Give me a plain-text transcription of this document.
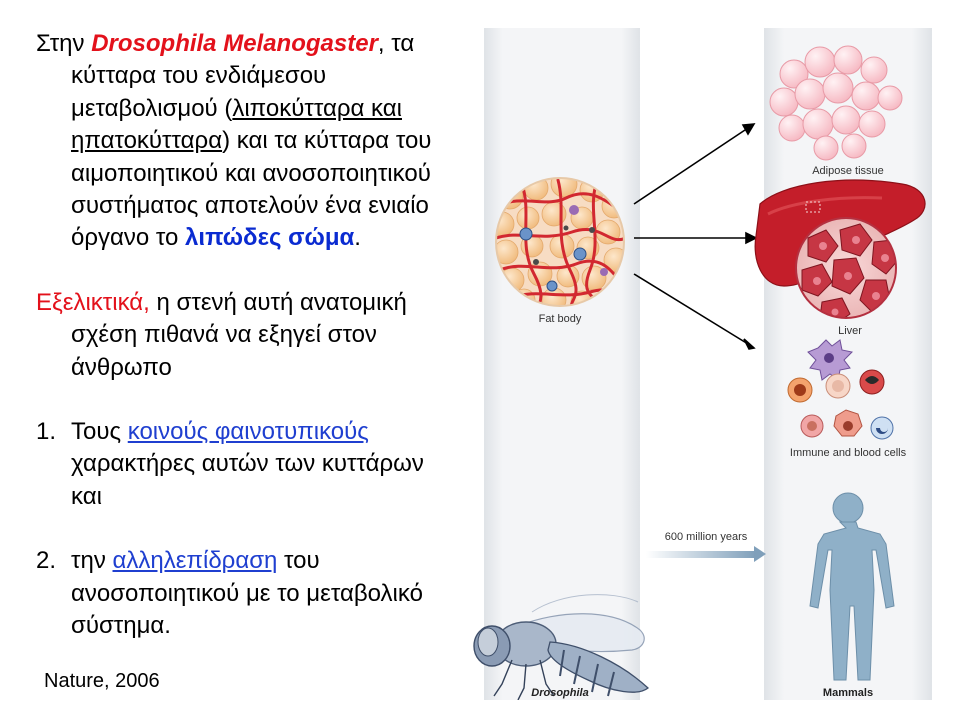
Στην Drosophila Melanogaster, τα κύτταρα του ενδιάμεσου μεταβολισμού (λιποκύτταρα και ηπατοκύτταρα) και τα κύτταρα του αιμοποιητικού και ανοσοποιητικού συστήματος αποτελούν ένα ενιαίο όργανο το λιπώδες σώμα.
Εξελικτικά, η στενή αυτή ανατομική σχέση πιθανά να εξηγεί στον άνθρωπο
1. Τους κοινούς φαινοτυπικούς χαρακτήρες αυτών των κυττάρων και
2. την αλληλεπίδραση του ανοσοποιητικού με το μεταβολικό σύστημα.
Nature, 2006
Fat body
Adipose tissue
Liver
Immune and blood cells
600 million years
Drosophila	Mammals
